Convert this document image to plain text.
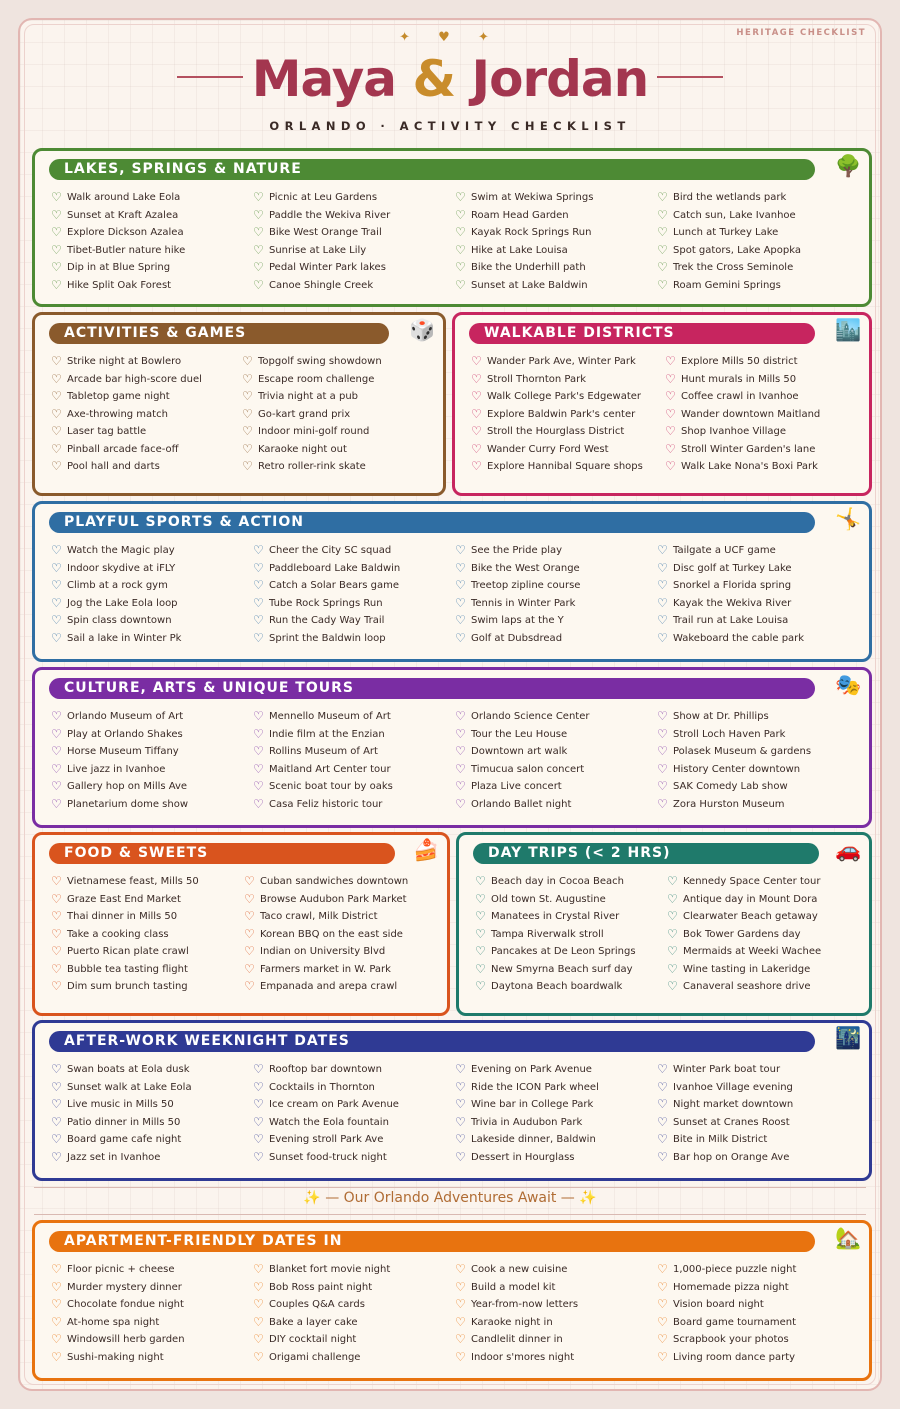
HERITAGE CHECKLIST
✦ ♥ ✦
Maya & Jordan
ORLANDO · ACTIVITY CHECKLIST
LAKES, SPRINGS & NATURE	🌳
♡ Walk around Lake Eola	♡ Picnic at Leu Gardens	♡ Swim at Wekiwa Springs	♡ Bird the wetlands park
♡ Sunset at Kraft Azalea	♡ Paddle the Wekiva River	♡ Roam Head Garden	♡ Catch sun, Lake Ivanhoe
♡ Explore Dickson Azalea	♡ Bike West Orange Trail	♡ Kayak Rock Springs Run	♡ Lunch at Turkey Lake
♡ Tibet-Butler nature hike	♡ Sunrise at Lake Lily	♡ Hike at Lake Louisa	♡ Spot gators, Lake Apopka
♡ Dip in at Blue Spring	♡ Pedal Winter Park lakes	♡ Bike the Underhill path	♡ Trek the Cross Seminole
♡ Hike Split Oak Forest	♡ Canoe Shingle Creek	♡ Sunset at Lake Baldwin	♡ Roam Gemini Springs
ACTIVITIES & GAMES	🎲
♡ Strike night at Bowlero	♡ Topgolf swing showdown
♡ Arcade bar high-score duel	♡ Escape room challenge
♡ Tabletop game night	♡ Trivia night at a pub
♡ Axe-throwing match	♡ Go-kart grand prix
♡ Laser tag battle	♡ Indoor mini-golf round
♡ Pinball arcade face-off	♡ Karaoke night out
♡ Pool hall and darts	♡ Retro roller-rink skate
WALKABLE DISTRICTS	🏙️
♡ Wander Park Ave, Winter Park ♡ Explore Mills 50 district
♡ Stroll Thornton Park	♡ Hunt murals in Mills 50
♡ Walk College Park's Edgewater ♡ Coffee crawl in Ivanhoe
♡ Explore Baldwin Park's center ♡ Wander downtown Maitland
♡ Stroll the Hourglass District	♡ Shop Ivanhoe Village
♡ Wander Curry Ford West	♡ Stroll Winter Garden's lane
♡ Explore Hannibal Square shops ♡ Walk Lake Nona's Boxi Park
PLAYFUL SPORTS & ACTION	🤸
♡ Watch the Magic play	♡ Cheer the City SC squad	♡ See the Pride play	♡ Tailgate a UCF game
♡ Indoor skydive at iFLY	♡ Paddleboard Lake Baldwin	♡ Bike the West Orange	♡ Disc golf at Turkey Lake
♡ Climb at a rock gym	♡ Catch a Solar Bears game	♡ Treetop zipline course	♡ Snorkel a Florida spring
♡ Jog the Lake Eola loop	♡ Tube Rock Springs Run	♡ Tennis in Winter Park	♡ Kayak the Wekiva River
♡ Spin class downtown	♡ Run the Cady Way Trail	♡ Swim laps at the Y	♡ Trail run at Lake Louisa
♡ Sail a lake in Winter Pk	♡ Sprint the Baldwin loop	♡ Golf at Dubsdread	♡ Wakeboard the cable park
CULTURE, ARTS & UNIQUE TOURS	🎭
♡ Orlando Museum of Art	♡ Mennello Museum of Art	♡ Orlando Science Center	♡ Show at Dr. Phillips
♡ Play at Orlando Shakes	♡ Indie film at the Enzian	♡ Tour the Leu House	♡ Stroll Loch Haven Park
♡ Horse Museum Tiffany	♡ Rollins Museum of Art	♡ Downtown art walk	♡ Polasek Museum & gardens
♡ Live jazz in Ivanhoe	♡ Maitland Art Center tour	♡ Timucua salon concert	♡ History Center downtown
♡ Gallery hop on Mills Ave	♡ Scenic boat tour by oaks	♡ Plaza Live concert	♡ SAK Comedy Lab show
♡ Planetarium dome show	♡ Casa Feliz historic tour	♡ Orlando Ballet night	♡ Zora Hurston Museum
FOOD & SWEETS	🍰
♡ Vietnamese feast, Mills 50	♡ Cuban sandwiches downtown
♡ Graze East End Market	♡ Browse Audubon Park Market
♡ Thai dinner in Mills 50	♡ Taco crawl, Milk District
♡ Take a cooking class	♡ Korean BBQ on the east side
♡ Puerto Rican plate crawl	♡ Indian on University Blvd
♡ Bubble tea tasting flight	♡ Farmers market in W. Park
♡ Dim sum brunch tasting	♡ Empanada and arepa crawl
DAY TRIPS (< 2 HRS)	🚗
♡ Beach day in Cocoa Beach	♡ Kennedy Space Center tour
♡ Old town St. Augustine	♡ Antique day in Mount Dora
♡ Manatees in Crystal River	♡ Clearwater Beach getaway
♡ Tampa Riverwalk stroll	♡ Bok Tower Gardens day
♡ Pancakes at De Leon Springs	♡ Mermaids at Weeki Wachee
♡ New Smyrna Beach surf day	♡ Wine tasting in Lakeridge
♡ Daytona Beach boardwalk	♡ Canaveral seashore drive
AFTER-WORK WEEKNIGHT DATES	🌃
♡ Swan boats at Eola dusk	♡ Rooftop bar downtown	♡ Evening on Park Avenue	♡ Winter Park boat tour
♡ Sunset walk at Lake Eola	♡ Cocktails in Thornton	♡ Ride the ICON Park wheel	♡ Ivanhoe Village evening
♡ Live music in Mills 50	♡ Ice cream on Park Avenue	♡ Wine bar in College Park	♡ Night market downtown
♡ Patio dinner in Mills 50	♡ Watch the Eola fountain	♡ Trivia in Audubon Park	♡ Sunset at Cranes Roost
♡ Board game cafe night	♡ Evening stroll Park Ave	♡ Lakeside dinner, Baldwin	♡ Bite in Milk District
♡ Jazz set in Ivanhoe	♡ Sunset food-truck night	♡ Dessert in Hourglass	♡ Bar hop on Orange Ave
APARTMENT-FRIENDLY DATES IN	🏡
♡ Floor picnic + cheese	♡ Blanket fort movie night	♡ Cook a new cuisine	♡ 1,000-piece puzzle night
♡ Murder mystery dinner	♡ Bob Ross paint night	♡ Build a model kit	♡ Homemade pizza night
♡ Chocolate fondue night	♡ Couples Q&A cards	♡ Year-from-now letters	♡ Vision board night
♡ At-home spa night	♡ Bake a layer cake	♡ Karaoke night in	♡ Board game tournament
♡ Windowsill herb garden	♡ DIY cocktail night	♡ Candlelit dinner in	♡ Scrapbook your photos
♡ Sushi-making night	♡ Origami challenge	♡ Indoor s'mores night	♡ Living room dance party
✨ — Our Orlando Adventures Await — ✨
